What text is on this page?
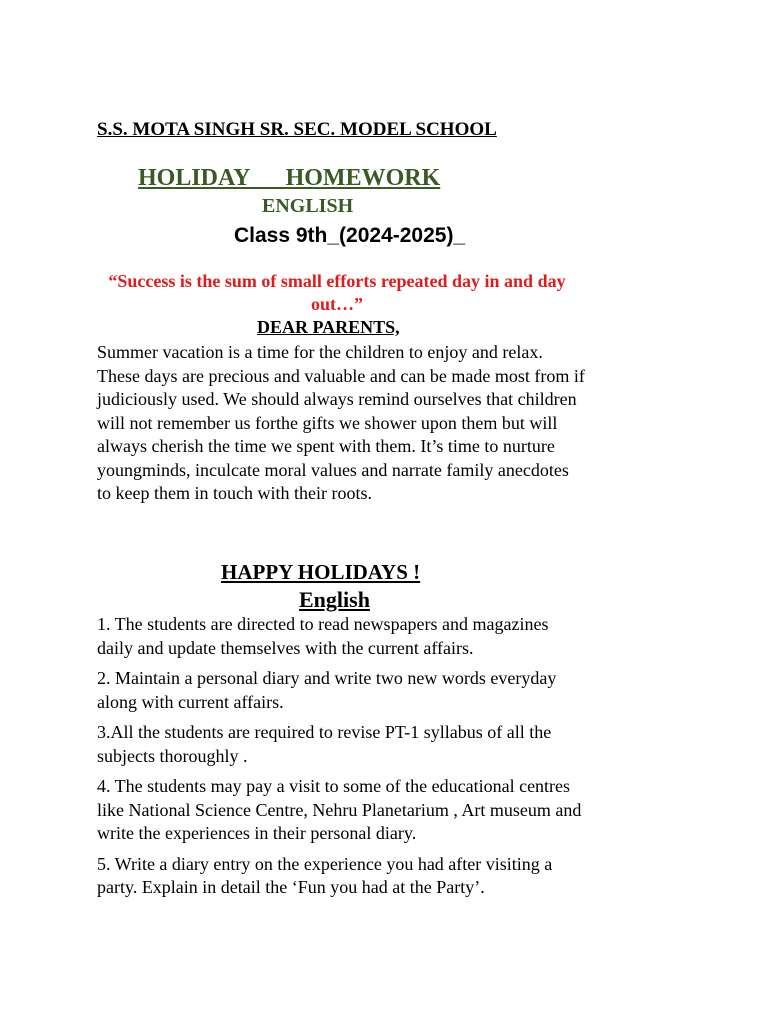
S.S. MOTA SINGH SR. SEC. MODEL SCHOOL
HOLIDAY      HOMEWORK
ENGLISH
Class 9th_(2024-2025)_
“Success is the sum of small efforts repeated day in and day out…”
DEAR PARENTS,
Summer vacation is a time for the children to enjoy and relax. These days are precious and valuable and can be made most from if judiciously used. We should always remind ourselves that children will not remember us forthe gifts we shower upon them but will always cherish the time we spent with them. It’s time to nurture youngminds, inculcate moral values and narrate family anecdotes to keep them in touch with their roots.
HAPPY HOLIDAYS !
English
1. The students are directed to read newspapers and magazines daily and update themselves with the current affairs.
2. Maintain a personal diary and write two new words everyday along with current affairs.
3.All the students are required to revise PT-1 syllabus of all the subjects thoroughly .
4. The students may pay a visit to some of the educational centres like National Science Centre, Nehru Planetarium , Art museum and write the experiences in their personal diary.
5. Write a diary entry on the experience you had after visiting a party. Explain in detail the ‘Fun you had at the Party’.
